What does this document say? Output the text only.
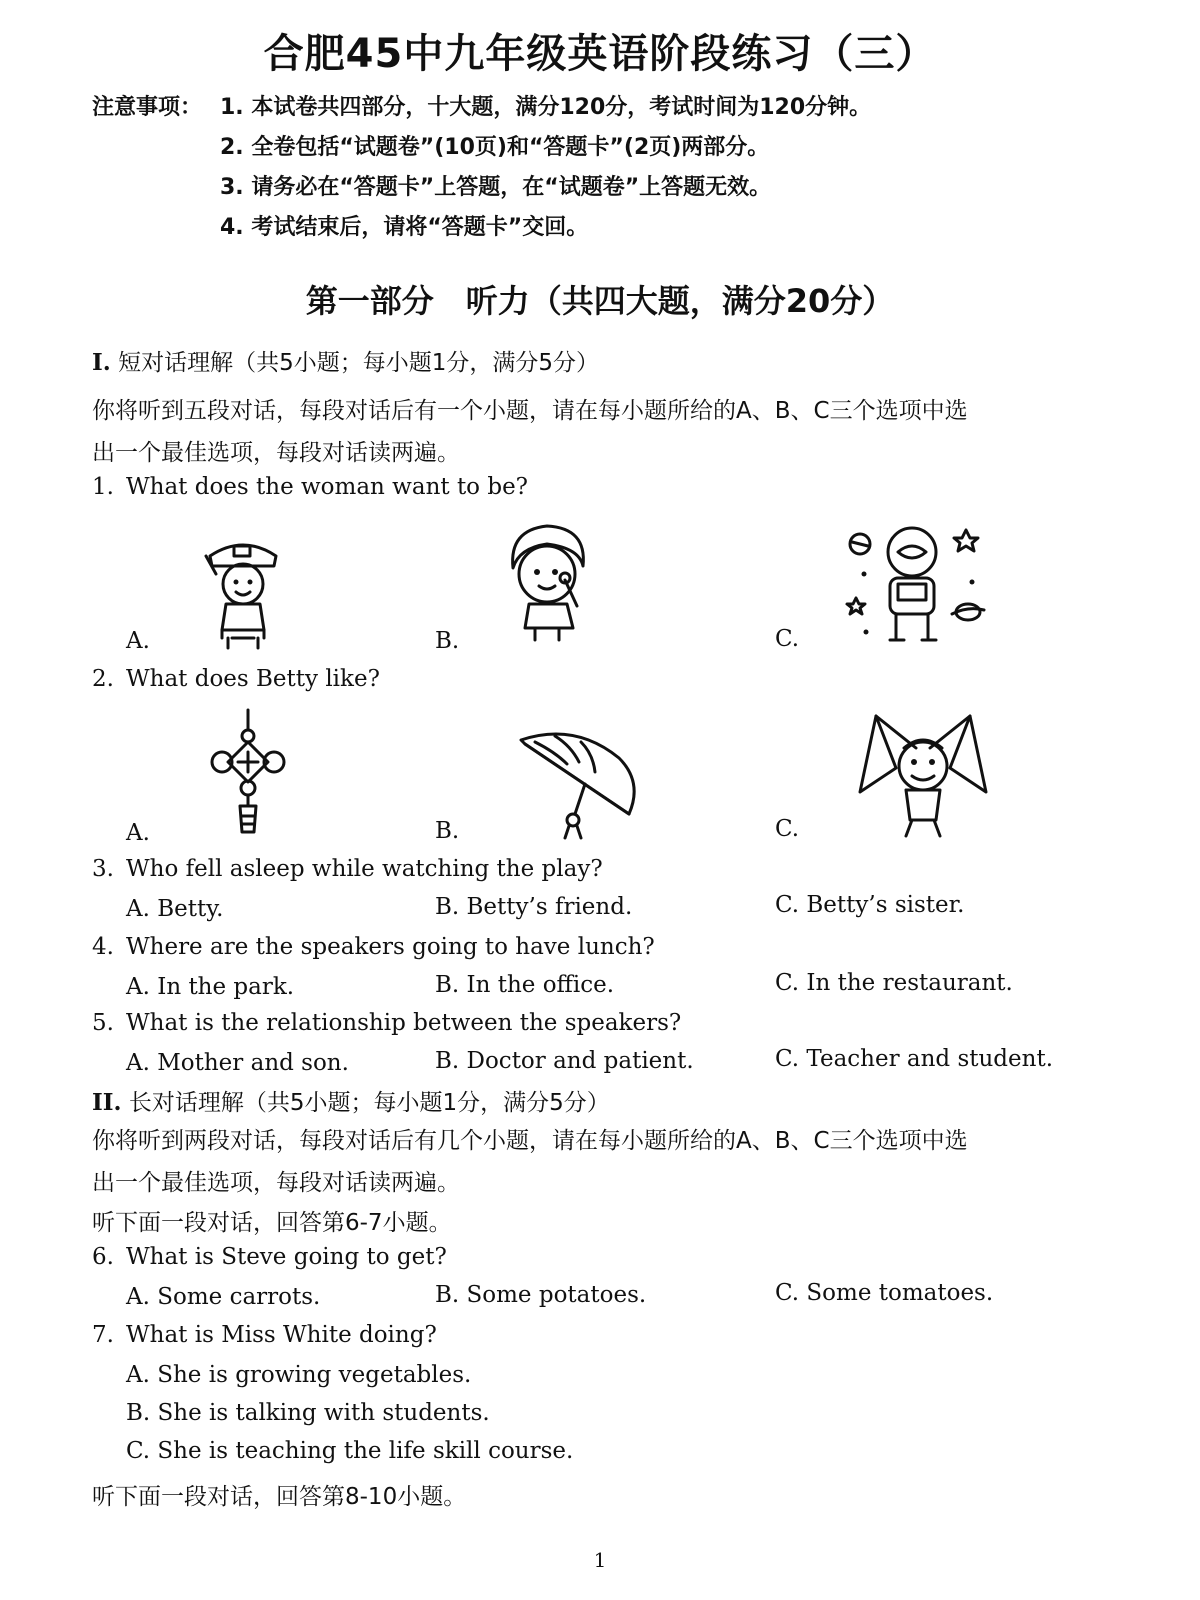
合肥45中九年级英语阶段练习（三）
注意事项： 1. 本试卷共四部分，十大题，满分120分，考试时间为120分钟。
2. 全卷包括“试题卷”(10页)和“答题卡”(2页)两部分。
3. 请务必在“答题卡”上答题，在“试题卷”上答题无效。
4. 考试结束后，请将“答题卡”交回。
第一部分　听力（共四大题，满分20分）
I. 短对话理解（共5小题；每小题1分，满分5分）
你将听到五段对话，每段对话后有一个小题，请在每小题所给的A、B、C三个选项中选
出一个最佳选项，每段对话读两遍。
1. What does the woman want to be?
A.	B.	C.
2. What does Betty like?
A.	B.	C.
3. Who fell asleep while watching the play?
A. Betty.	B. Betty’s friend.	C. Betty’s sister.
4. Where are the speakers going to have lunch?
A. In the park.	B. In the office.	C. In the restaurant.
5. What is the relationship between the speakers?
A. Mother and son.	B. Doctor and patient.	C. Teacher and student.
II. 长对话理解（共5小题；每小题1分，满分5分）
你将听到两段对话，每段对话后有几个小题，请在每小题所给的A、B、C三个选项中选
出一个最佳选项，每段对话读两遍。
听下面一段对话，回答第6-7小题。
6. What is Steve going to get?
A. Some carrots.	B. Some potatoes.	C. Some tomatoes.
7. What is Miss White doing?
A. She is growing vegetables.
B. She is talking with students.
C. She is teaching the life skill course.
听下面一段对话，回答第8-10小题。
1
